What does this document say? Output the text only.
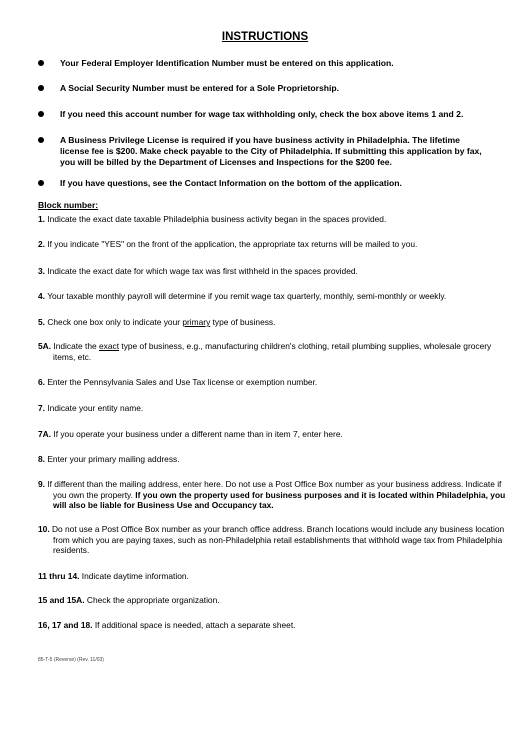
INSTRUCTIONS
Your Federal Employer Identification Number must be entered on this application.
A Social Security Number must be entered for a Sole Proprietorship.
If you need this account number for wage tax withholding only, check the box above items 1 and 2.
A Business Privilege License is required if you have business activity in Philadelphia. The lifetime license fee is $200. Make check payable to the City of Philadelphia. If submitting this application by fax, you will be billed by the Department of Licenses and Inspections for the $200 fee.
If you have questions, see the Contact Information on the bottom of the application.
Block number:
1. Indicate the exact date taxable Philadelphia business activity began in the spaces provided.
2. If you indicate "YES" on the front of the application, the appropriate tax returns will be mailed to you.
3. Indicate the exact date for which wage tax was first withheld in the spaces provided.
4. Your taxable monthly payroll will determine if you remit wage tax quarterly, monthly, semi-monthly or weekly.
5. Check one box only to indicate your primary type of business.
5A. Indicate the exact type of business, e.g., manufacturing children's clothing, retail plumbing supplies, wholesale grocery items, etc.
6. Enter the Pennsylvania Sales and Use Tax license or exemption number.
7. Indicate your entity name.
7A. If you operate your business under a different name than in item 7, enter here.
8. Enter your primary mailing address.
9. If different than the mailing address, enter here. Do not use a Post Office Box number as your business address. Indicate if you own the property. If you own the property used for business purposes and it is located within Philadelphia, you will also be liable for Business Use and Occupancy tax.
10. Do not use a Post Office Box number as your branch office address. Branch locations would include any business location from which you are paying taxes, such as non-Philadelphia retail establishments that withhold wage tax from Philadelphia residents.
11 thru 14. Indicate daytime information.
15 and 15A. Check the appropriate organization.
16, 17 and 18. If additional space is needed, attach a separate sheet.
85-T-5 (Reverse) (Rev. 11/03)
